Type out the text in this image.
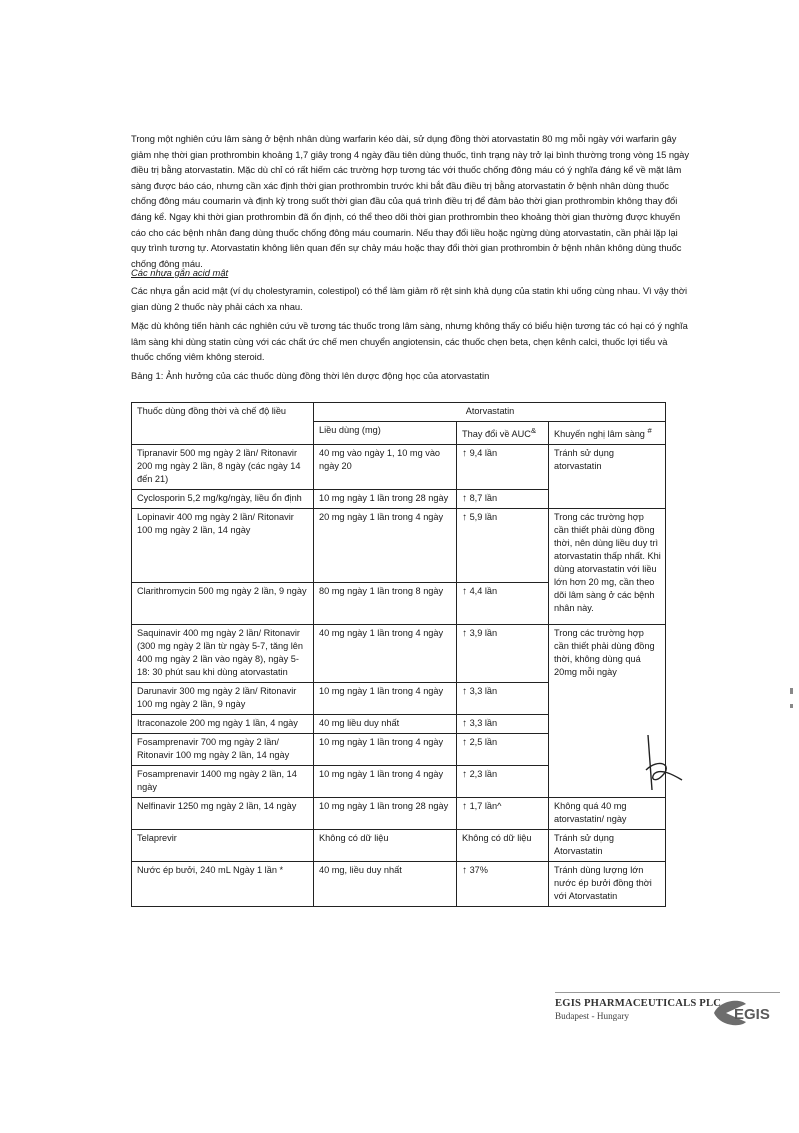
Trong một nghiên cứu lâm sàng ở bệnh nhân dùng warfarin kéo dài, sử dụng đồng thời atorvastatin 80 mg mỗi ngày với warfarin gây giảm nhẹ thời gian prothrombin khoảng 1,7 giây trong 4 ngày đầu tiên dùng thuốc, tình trạng này trở lại bình thường trong vòng 15 ngày điều trị bằng atorvastatin. Mặc dù chỉ có rất hiếm các trường hợp tương tác với thuốc chống đông máu có ý nghĩa đáng kể về mặt lâm sàng được báo cáo, nhưng cần xác định thời gian prothrombin trước khi bắt đầu điều trị bằng atorvastatin ở bệnh nhân dùng thuốc chống đông máu coumarin và định kỳ trong suốt thời gian đầu của quá trình điều trị để đảm bảo thời gian prothrombin không thay đổi đáng kể. Ngay khi thời gian prothrombin đã ổn định, có thể theo dõi thời gian prothrombin theo khoảng thời gian thường được khuyến cáo cho các bệnh nhân đang dùng thuốc chống đông máu coumarin. Nếu thay đổi liều hoặc ngừng dùng atorvastatin, cần phải lặp lại quy trình tương tự. Atorvastatin không liên quan đến sự chảy máu hoặc thay đổi thời gian prothrombin ở bệnh nhân không dùng thuốc chống đông máu.

Các nhựa gắn acid mật

Các nhựa gắn acid mật (ví dụ cholestyramin, colestipol) có thể làm giảm rõ rệt sinh khả dụng của statin khi uống cùng nhau. Vì vậy thời gian dùng 2 thuốc này phải cách xa nhau.

Mặc dù không tiến hành các nghiên cứu về tương tác thuốc trong lâm sàng, nhưng không thấy có biểu hiện tương tác có hại có ý nghĩa lâm sàng khi dùng statin cùng với các chất ức chế men chuyển angiotensin, các thuốc chẹn beta, chẹn kênh calci, thuốc lợi tiểu và thuốc chống viêm không steroid.

Bảng 1: Ảnh hưởng của các thuốc dùng đồng thời lên dược động học của atorvastatin

Thuốc dùng đồng thời và chế độ liều	Atorvastatin		
	Liều dùng (mg)	Thay đổi về AUC&	Khuyến nghị lâm sàng #
Tipranavir 500 mg ngày 2 lần/ Ritonavir 200 mg ngày 2 lần, 8 ngày (các ngày 14 đến 21)	40 mg vào ngày 1, 10 mg vào ngày 20	↑ 9,4 lần	Tránh sử dụng atorvastatin
Cyclosporin 5,2 mg/kg/ngày, liều ổn định	10 mg ngày 1 lần trong 28 ngày	↑ 8,7 lần	
Lopinavir 400 mg ngày 2 lần/ Ritonavir 100 mg ngày 2 lần, 14 ngày	20 mg ngày 1 lần trong 4 ngày	↑ 5,9 lần	Trong các trường hợp cần thiết phải dùng đồng thời, nên dùng liều duy trì atorvastatin thấp nhất. Khi dùng atorvastatin với liều lớn hơn 20 mg, cần theo dõi lâm sàng ở các bệnh nhân này.
Clarithromycin 500 mg ngày 2 lần, 9 ngày	80 mg ngày 1 lần trong 8 ngày	↑ 4,4 lần	
Saquinavir 400 mg ngày 2 lần/ Ritonavir (300 mg ngày 2 lần từ ngày 5-7, tăng lên 400 mg ngày 2 lần vào ngày 8), ngày 5-18: 30 phút sau khi dùng atorvastatin	40 mg ngày 1 lần trong 4 ngày	↑ 3,9 lần	Trong các trường hợp cần thiết phải dùng đồng thời, không dùng quá 20mg mỗi ngày
Darunavir 300 mg ngày 2 lần/ Ritonavir 100 mg ngày 2 lần, 9 ngày	10 mg ngày 1 lần trong 4 ngày	↑ 3,3 lần	
Itraconazole 200 mg ngày 1 lần, 4 ngày	40 mg liều duy nhất	↑ 3,3 lần	
Fosamprenavir 700 mg ngày 2 lần/ Ritonavir 100 mg ngày 2 lần, 14 ngày	10 mg ngày 1 lần trong 4 ngày	↑ 2,5 lần	
Fosamprenavir 1400 mg ngày 2 lần, 14 ngày	10 mg ngày 1 lần trong 4 ngày	↑ 2,3 lần	
Nelfinavir 1250 mg ngày 2 lần, 14 ngày	10 mg ngày 1 lần trong 28 ngày	↑ 1,7 lần^	Không quá 40 mg atorvastatin/ ngày
Telaprevir	Không có dữ liệu	Không có dữ liệu	Tránh sử dụng Atorvastatin
Nước ép bưởi, 240 mL Ngày 1 lần *	40 mg, liều duy nhất	↑ 37%	Tránh dùng lượng lớn nước ép bưởi đồng thời với Atorvastatin
EGIS PHARMACEUTICALS PLC
Budapest - Hungary	EGIS
